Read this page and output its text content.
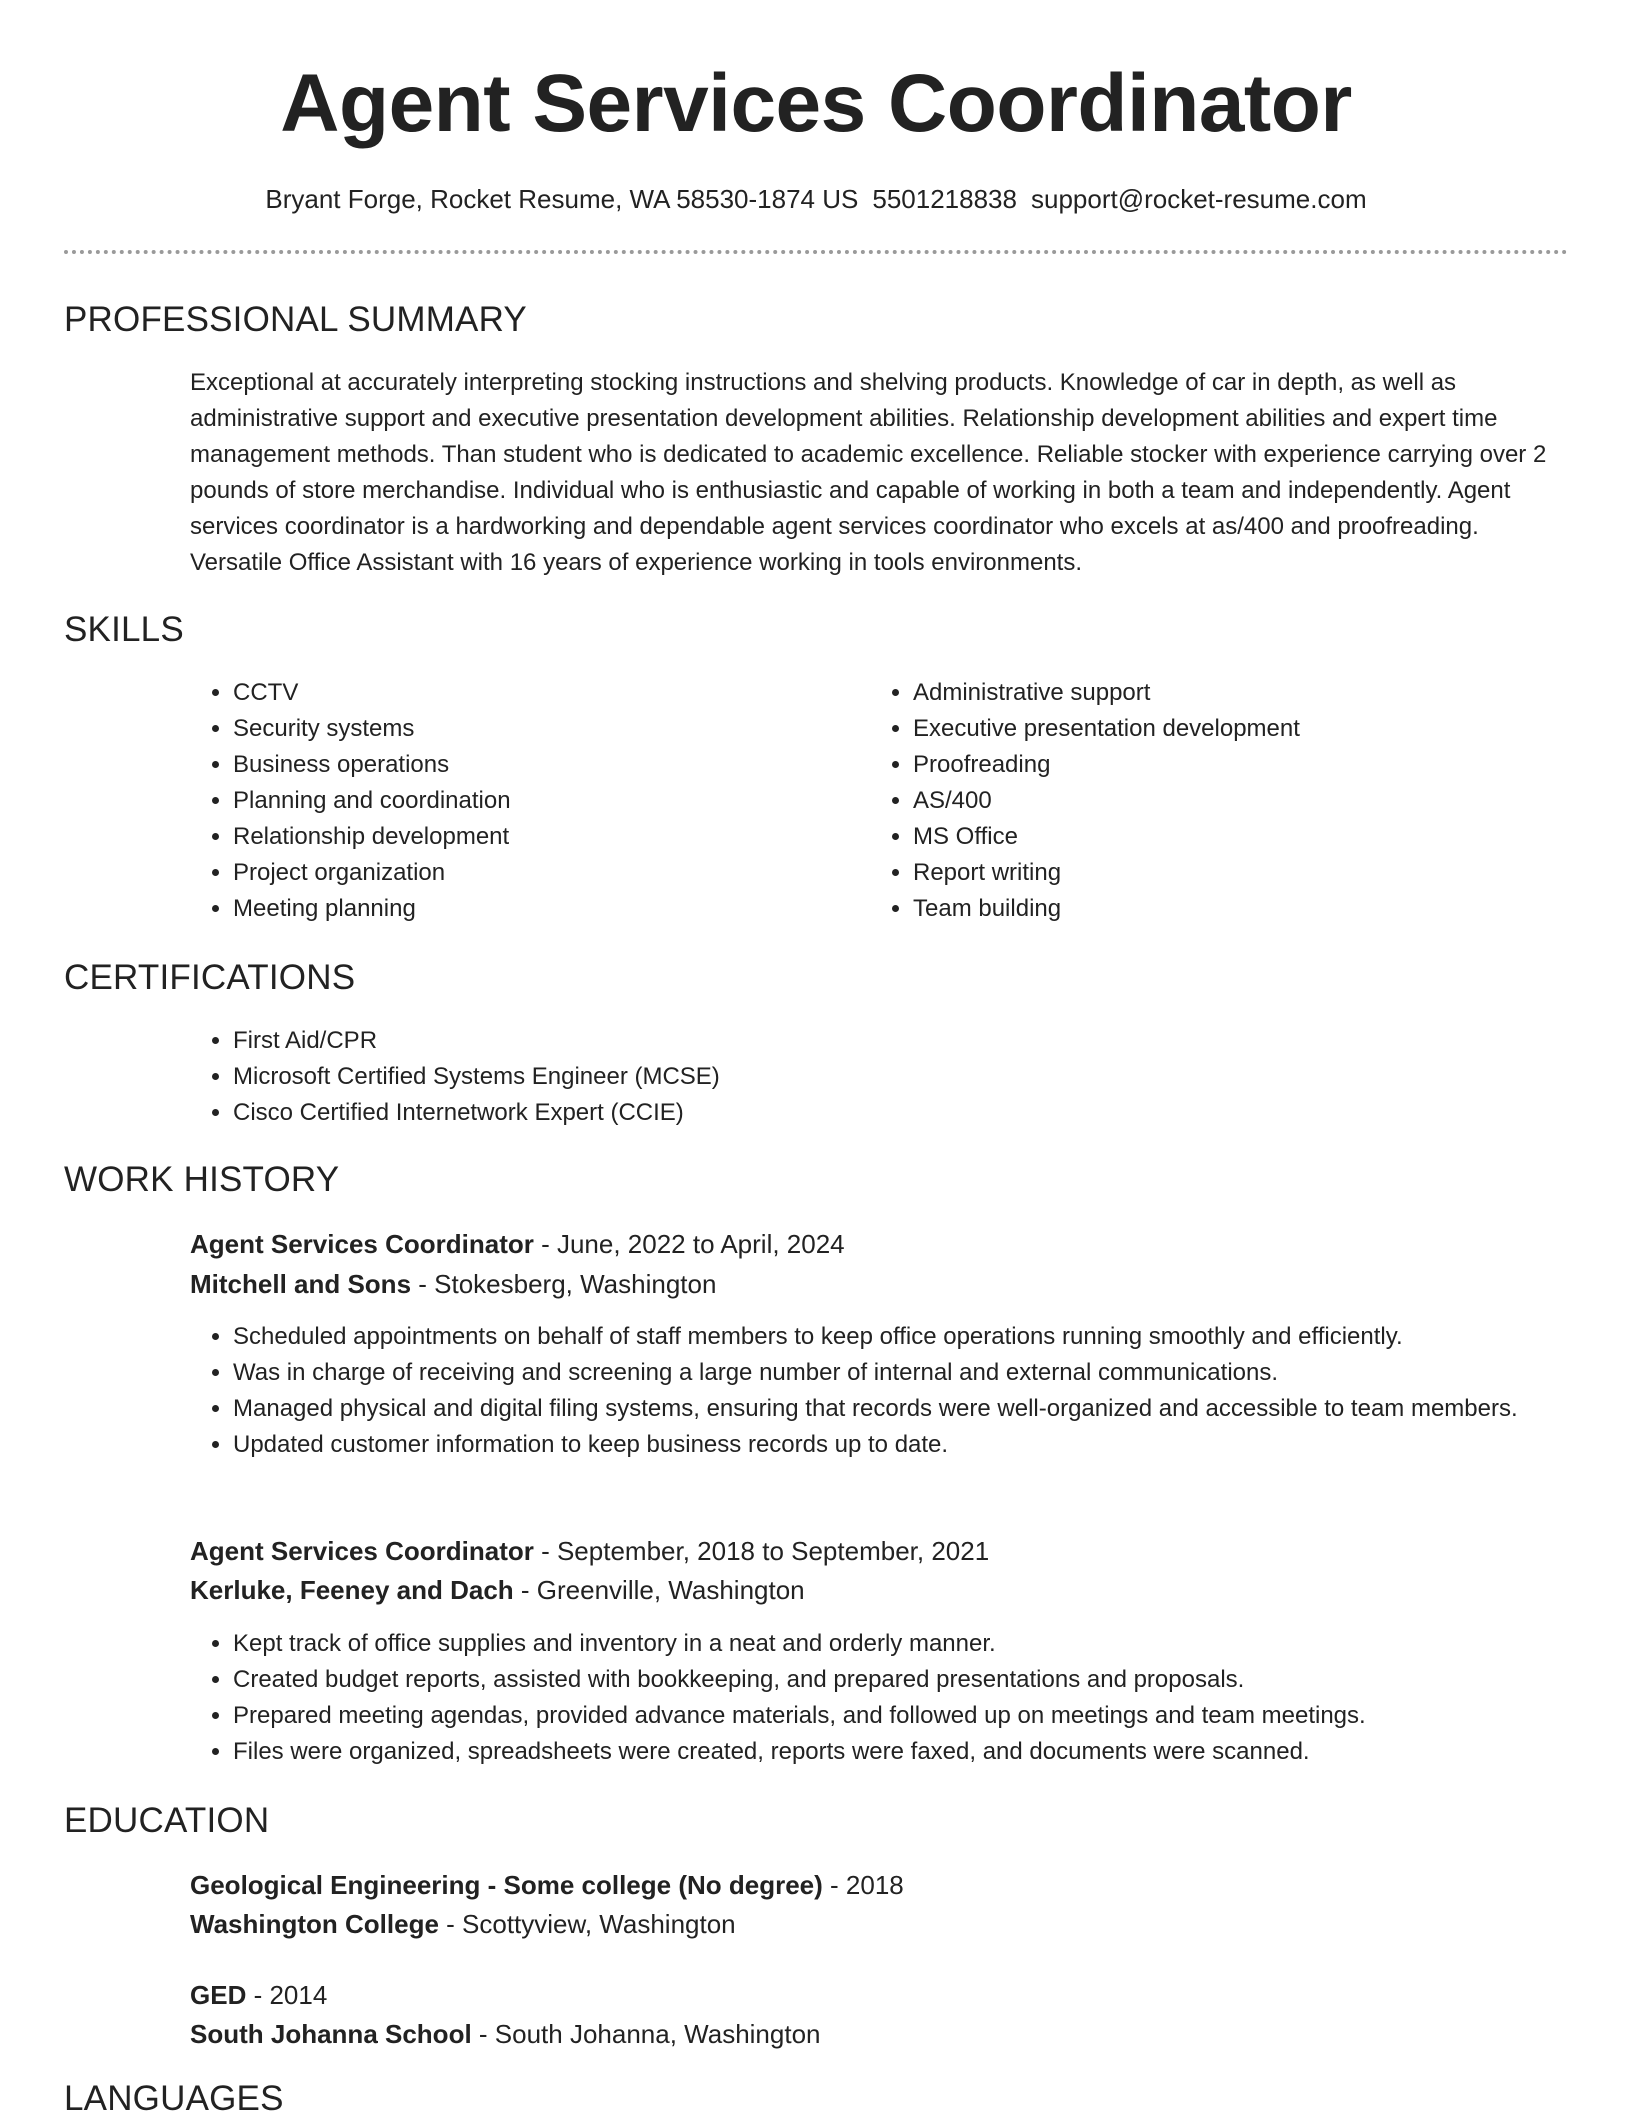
Agent Services Coordinator
Bryant Forge, Rocket Resume, WA 58530-1874 US 5501218838 support@rocket-resume.com
PROFESSIONAL SUMMARY

Exceptional at accurately interpreting stocking instructions and shelving products. Knowledge of car in depth, as well as administrative support and executive presentation development abilities. Relationship development abilities and expert time management methods. Than student who is dedicated to academic excellence. Reliable stocker with experience carrying over 2 pounds of store merchandise. Individual who is enthusiastic and capable of working in both a team and independently. Agent services coordinator is a hardworking and dependable agent services coordinator who excels at as/400 and proofreading. Versatile Office Assistant with 16 years of experience working in tools environments.

SKILLS
• CCTV
• Security systems
• Business operations
• Planning and coordination
• Relationship development
• Project organization
• Meeting planning
• Administrative support
• Executive presentation development
• Proofreading
• AS/400
• MS Office
• Report writing
• Team building
CERTIFICATIONS
• First Aid/CPR
• Microsoft Certified Systems Engineer (MCSE)
• Cisco Certified Internetwork Expert (CCIE)
WORK HISTORY
Agent Services Coordinator - June, 2022 to April, 2024
Mitchell and Sons - Stokesberg, Washington
• Scheduled appointments on behalf of staff members to keep office operations running smoothly and efficiently.
• Was in charge of receiving and screening a large number of internal and external communications.
• Managed physical and digital filing systems, ensuring that records were well-organized and accessible to team members.
• Updated customer information to keep business records up to date.
Agent Services Coordinator - September, 2018 to September, 2021
Kerluke, Feeney and Dach - Greenville, Washington
• Kept track of office supplies and inventory in a neat and orderly manner.
• Created budget reports, assisted with bookkeeping, and prepared presentations and proposals.
• Prepared meeting agendas, provided advance materials, and followed up on meetings and team meetings.
• Files were organized, spreadsheets were created, reports were faxed, and documents were scanned.
EDUCATION
Geological Engineering - Some college (No degree) - 2018
Washington College - Scottyview, Washington
GED - 2014
South Johanna School - South Johanna, Washington
LANGUAGES
